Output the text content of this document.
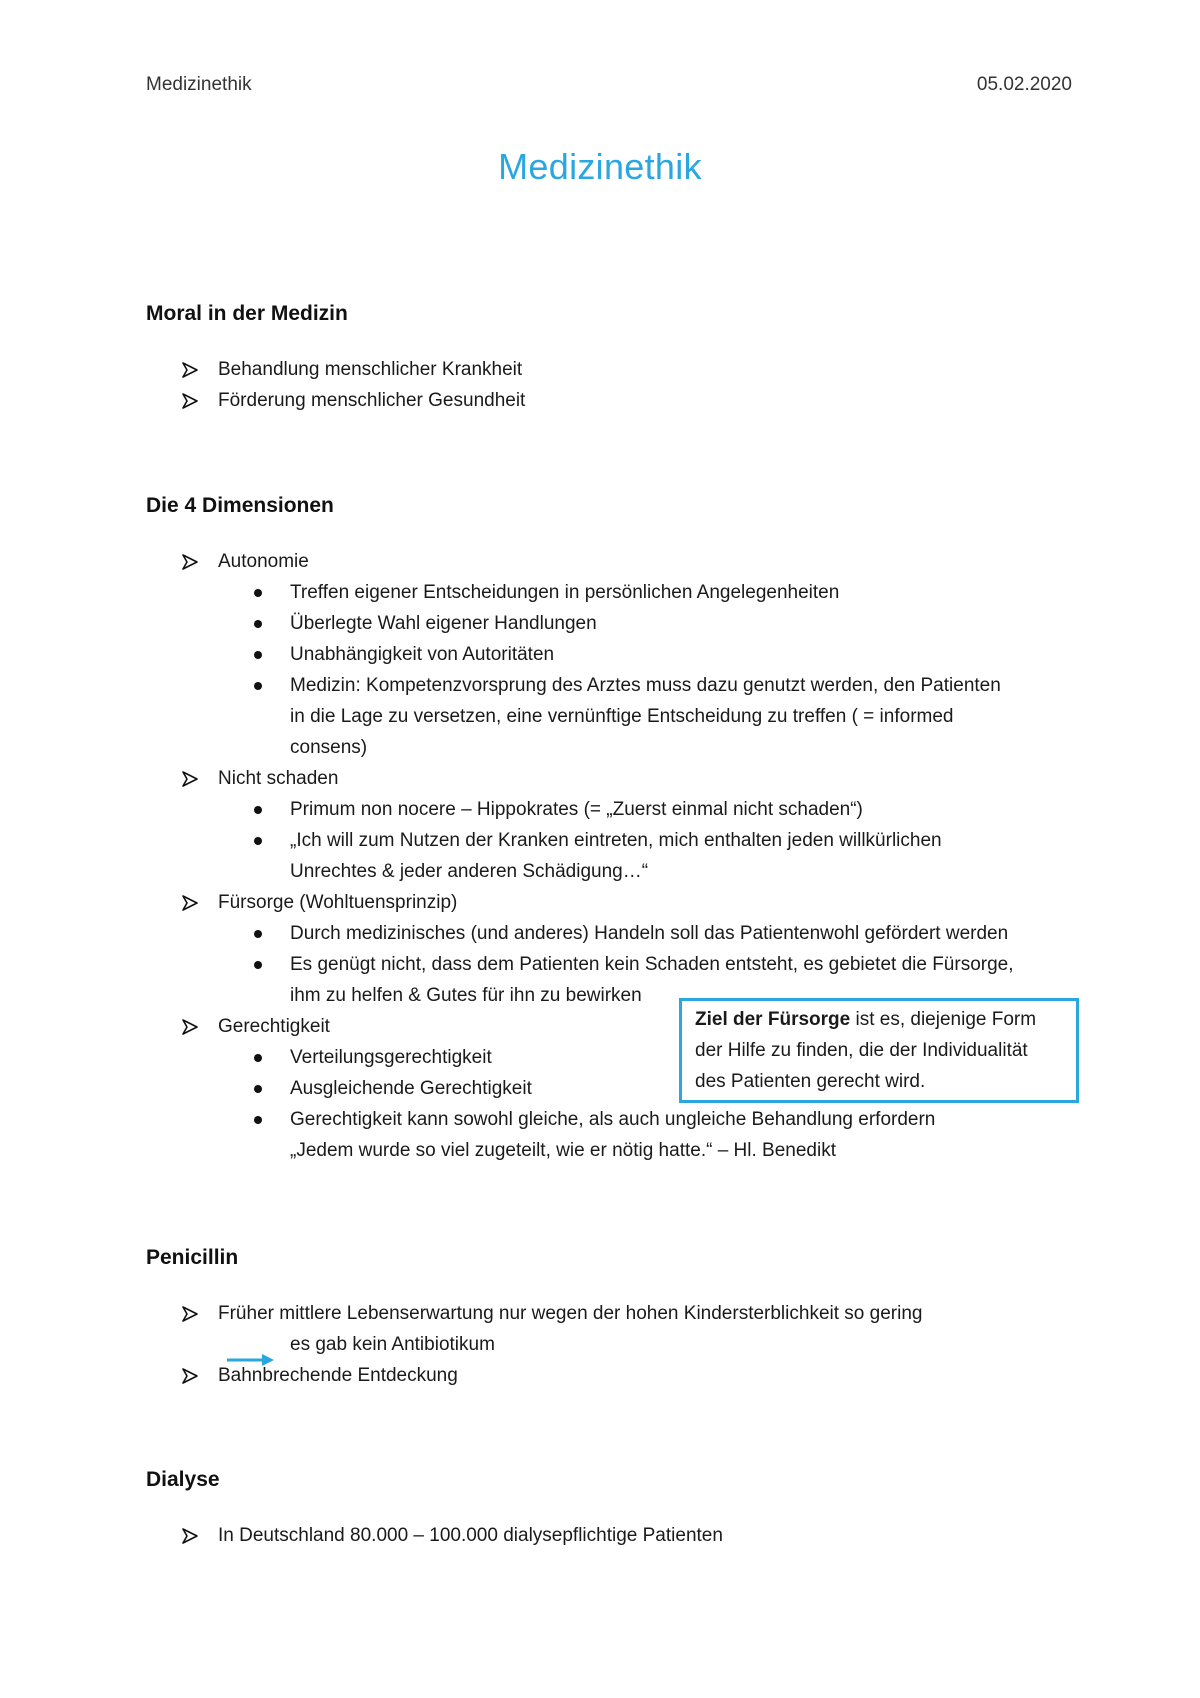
Medizinethik	05.02.2020
Medizinethik
Moral in der Medizin
Behandlung menschlicher Krankheit
Förderung menschlicher Gesundheit
Die 4 Dimensionen
Autonomie
Treffen eigener Entscheidungen in persönlichen Angelegenheiten
Überlegte Wahl eigener Handlungen
Unabhängigkeit von Autoritäten
Medizin: Kompetenzvorsprung des Arztes muss dazu genutzt werden, den Patienten
in die Lage zu versetzen, eine vernünftige Entscheidung zu treffen ( = informed
consens)
Nicht schaden
Primum non nocere – Hippokrates (= „Zuerst einmal nicht schaden“)
„Ich will zum Nutzen der Kranken eintreten, mich enthalten jeden willkürlichen
Unrechtes & jeder anderen Schädigung…“
Fürsorge (Wohltuensprinzip)
Durch medizinisches (und anderes) Handeln soll das Patientenwohl gefördert werden
Es genügt nicht, dass dem Patienten kein Schaden entsteht, es gebietet die Fürsorge,
ihm zu helfen & Gutes für ihn zu bewirken
Gerechtigkeit
Verteilungsgerechtigkeit
Ausgleichende Gerechtigkeit
Gerechtigkeit kann sowohl gleiche, als auch ungleiche Behandlung erfordern
„Jedem wurde so viel zugeteilt, wie er nötig hatte.“ – Hl. Benedikt
Ziel der Fürsorge ist es, diejenige Form
der Hilfe zu finden, die der Individualität
des Patienten gerecht wird.
Penicillin
Früher mittlere Lebenserwartung nur wegen der hohen Kindersterblichkeit so gering
es gab kein Antibiotikum
Bahnbrechende Entdeckung
Dialyse
In Deutschland 80.000 – 100.000 dialysepflichtige Patienten
